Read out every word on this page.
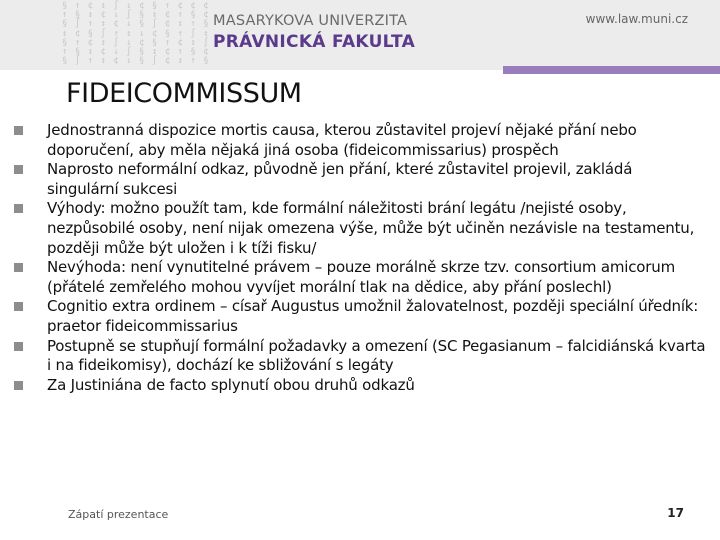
§ ↑ ¢ ↕ ∫ ↓ ¢ § ↑ ¢
↑ § ↕ ¢ ↓ ∫ § ↕ ¢ ↑
§ ∫ ↑ ↕ ¢ ↓ § ∫ ¢ ↕
↕ ¢ § ∫ ↑ ↕ ↓ ¢ § ↑
§ ↑ ¢ ↕ ∫ ↓ ¢ § ↑ ¢
↑ § ↕ ¢ ↓ ∫ § ↕ ¢ ↑
§ ∫ ↑ ↕ ¢ ↓ § ∫ ¢ ↕
MASARYKOVA UNIVERZITA
PRÁVNICKÁ FAKULTA
www.law.muni.cz
FIDEICOMMISSUM
Jednostranná dispozice mortis causa, kterou zůstavitel projeví nějaké přání nebo doporučení, aby měla nějaká jiná osoba (fideicommissarius) prospěch
Naprosto neformální odkaz, původně jen přání, které zůstavitel projevil, zakládá singulární sukcesi
Výhody: možno použít tam, kde formální náležitosti brání legátu /nejisté osoby, nezpůsobilé osoby, není nijak omezena výše, může být učiněn nezávisle na testamentu, později může být uložen i k tíži fisku/
Nevýhoda: není vynutitelné právem – pouze morálně skrze tzv. consortium amicorum (přátelé zemřelého mohou vyvíjet morální tlak na dědice, aby přání poslechl)
Cognitio extra ordinem – císař Augustus umožnil žalovatelnost, později speciální úředník: praetor fideicommissarius
Postupně se stupňují formální požadavky a omezení (SC Pegasianum – falcidiánská kvarta i na fideikomisy), dochází ke sbližování s legáty
Za Justiniána de facto splynutí obou druhů odkazů
Zápatí prezentace	17
